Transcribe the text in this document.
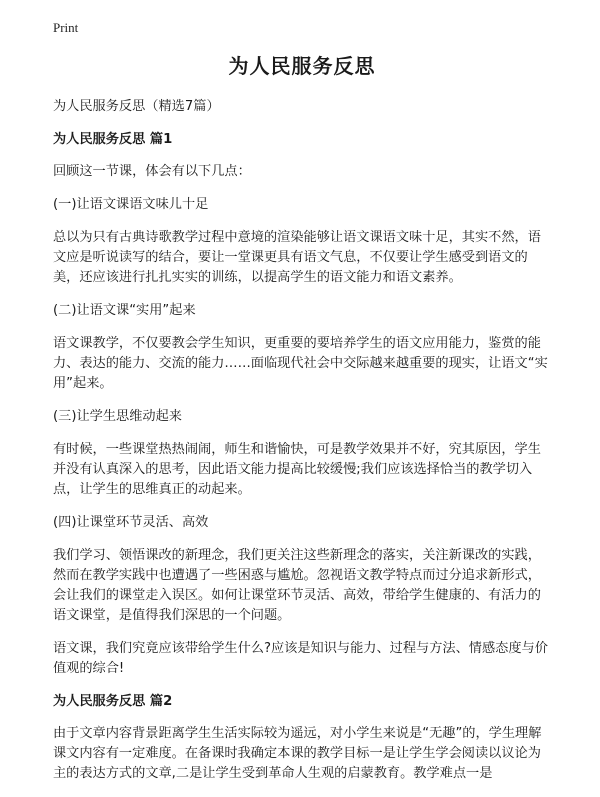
Print
为人民服务反思

为人民服务反思（精选7篇）

为人民服务反思 篇1

回顾这一节课，体会有以下几点：

(一)让语文课语文味儿十足

总以为只有古典诗歌教学过程中意境的渲染能够让语文课语文味十足，其实不然，语文应是听说读写的结合，要让一堂课更具有语文气息，不仅要让学生感受到语文的美，还应该进行扎扎实实的训练，以提高学生的语文能力和语文素养。

(二)让语文课“实用”起来

语文课教学，不仅要教会学生知识，更重要的要培养学生的语文应用能力，鉴赏的能力、表达的能力、交流的能力……面临现代社会中交际越来越重要的现实，让语文“实用”起来。

(三)让学生思维动起来

有时候，一些课堂热热闹闹，师生和谐愉快，可是教学效果并不好，究其原因，学生并没有认真深入的思考，因此语文能力提高比较缓慢;我们应该选择恰当的教学切入点，让学生的思维真正的动起来。

(四)让课堂环节灵活、高效

我们学习、领悟课改的新理念，我们更关注这些新理念的落实，关注新课改的实践，然而在教学实践中也遭遇了一些困惑与尴尬。忽视语文教学特点而过分追求新形式，会让我们的课堂走入误区。如何让课堂环节灵活、高效，带给学生健康的、有活力的语文课堂，是值得我们深思的一个问题。

语文课，我们究竟应该带给学生什么?应该是知识与能力、过程与方法、情感态度与价值观的综合!

为人民服务反思 篇2

由于文章内容背景距离学生生活实际较为遥远，对小学生来说是“无趣”的，学生理解课文内容有一定难度。在备课时我确定本课的教学目标一是让学生学会阅读以议论为主的表达方式的文章,二是让学生受到革命人生观的启蒙教育。教学难点一是
